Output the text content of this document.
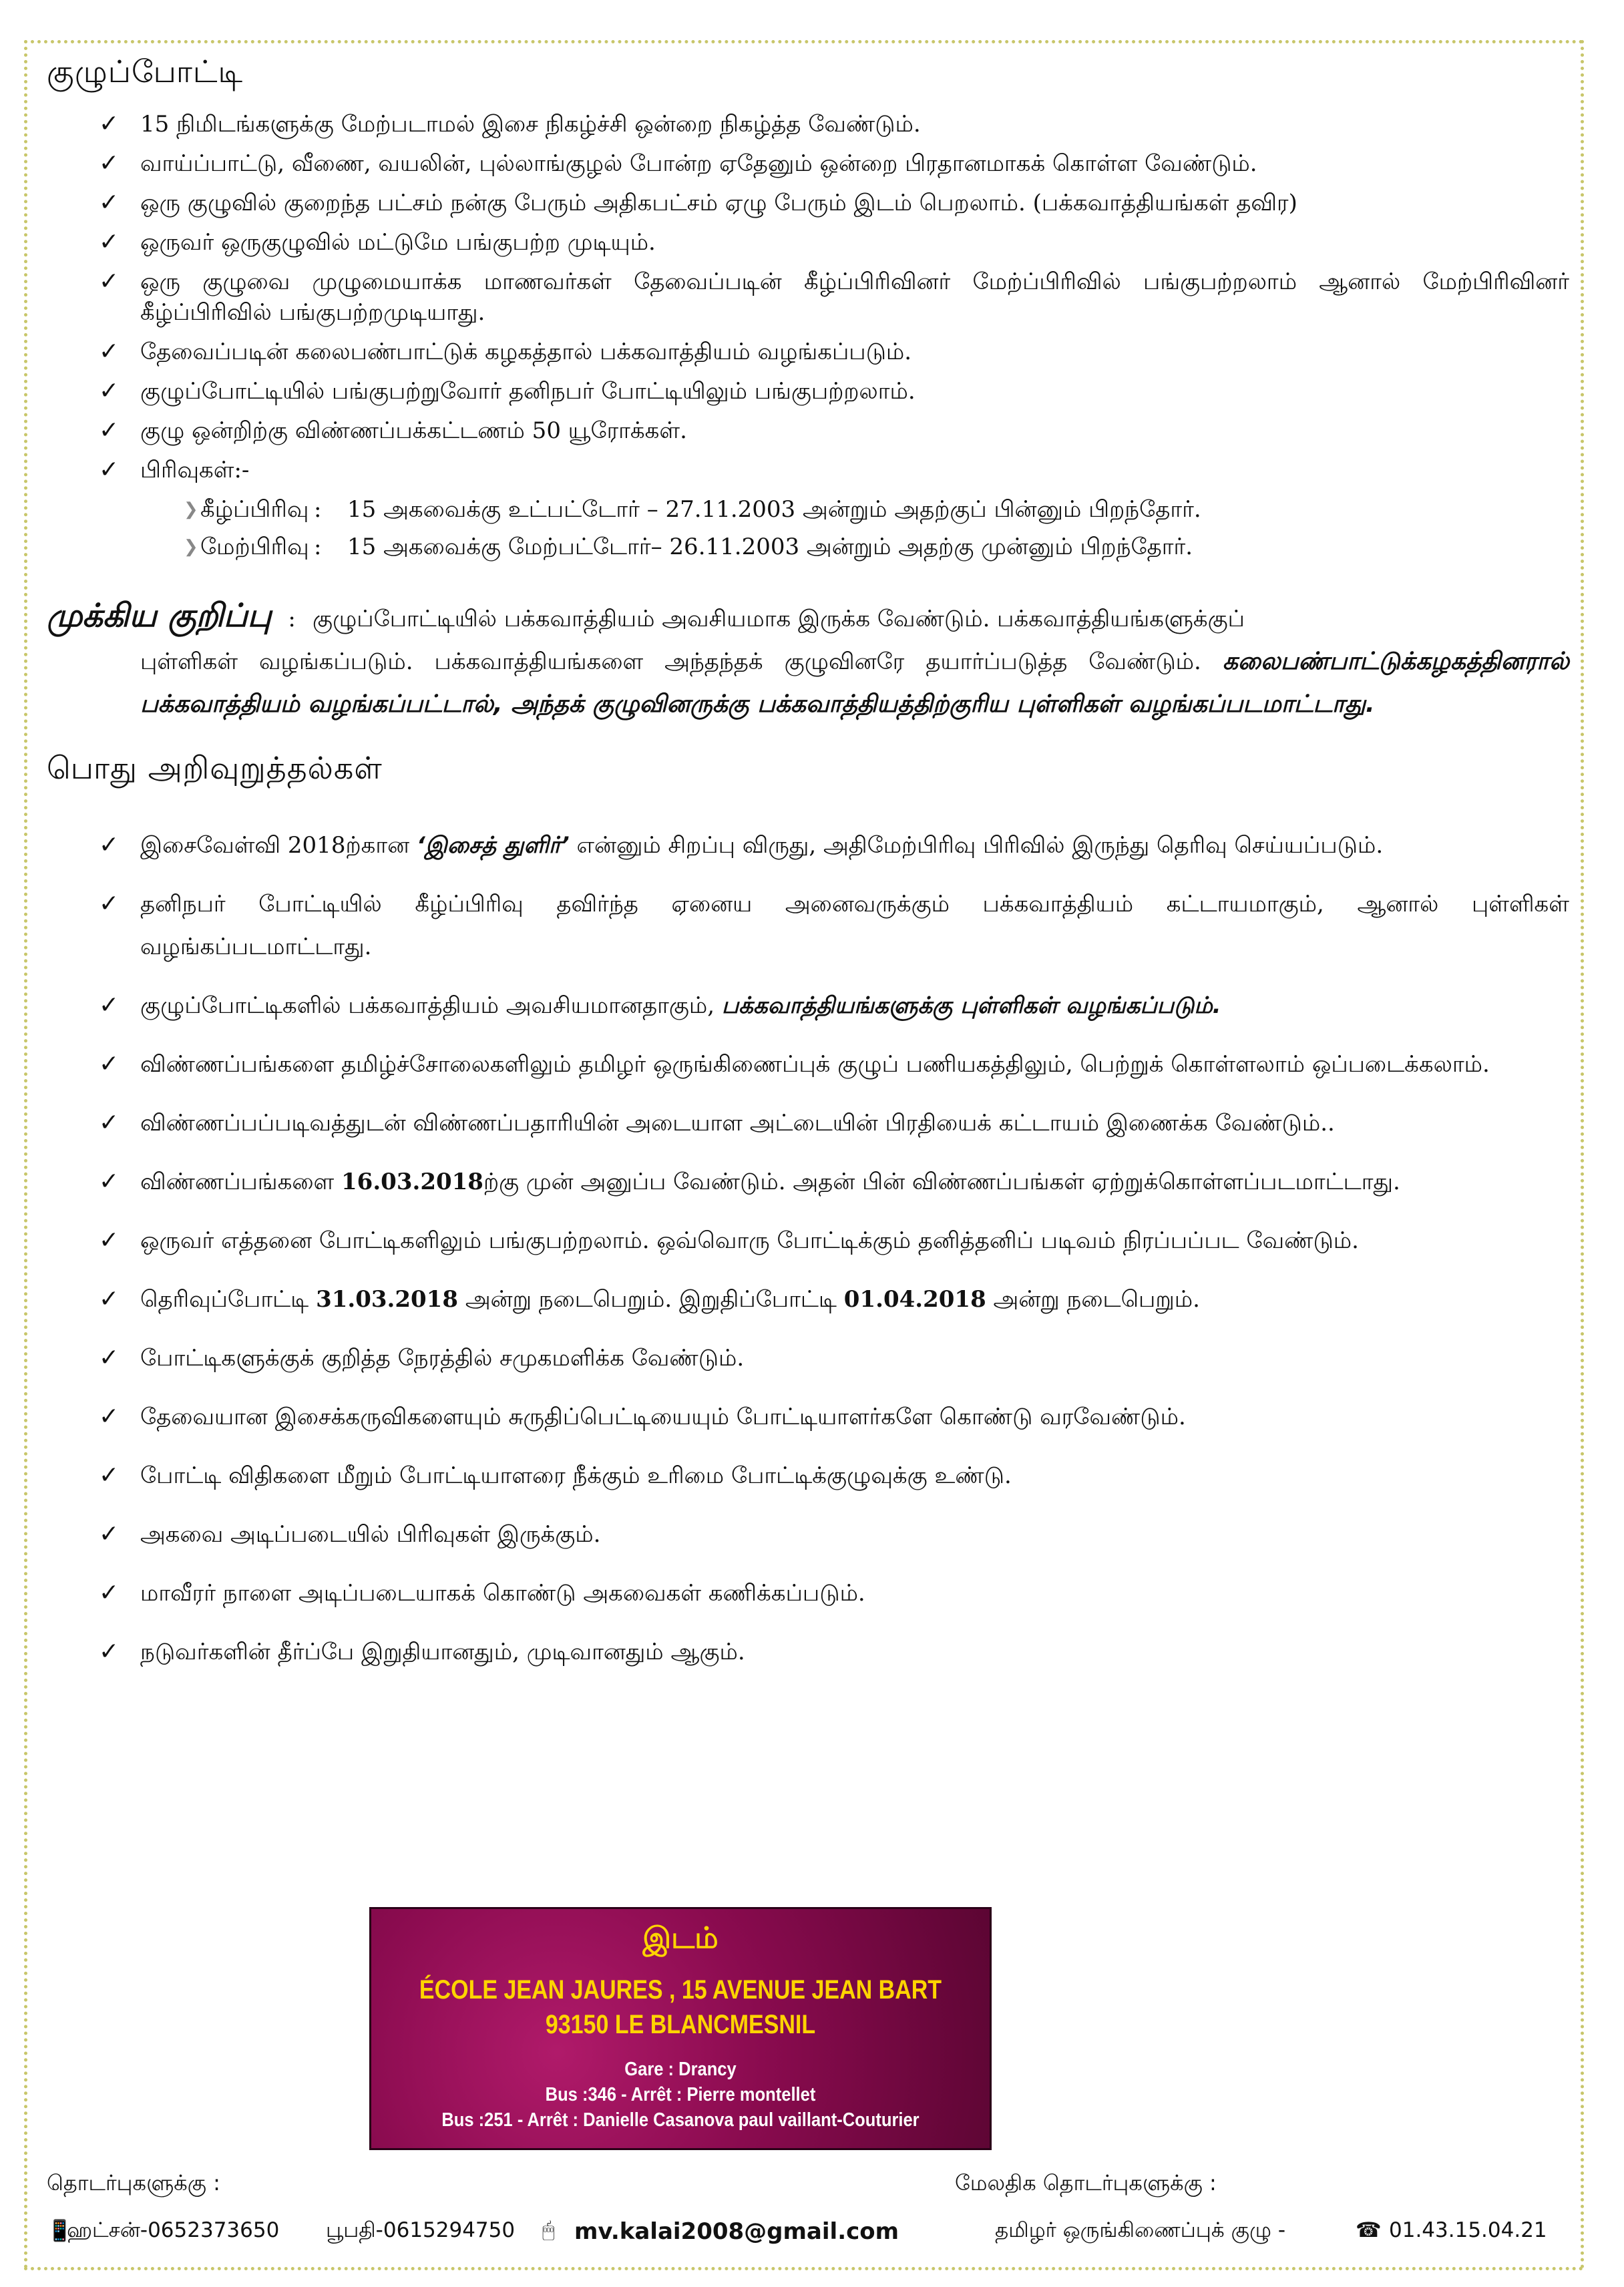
குழுப்போட்டி
✓ 15 நிமிடங்களுக்கு மேற்படாமல் இசை நிகழ்ச்சி ஒன்றை நிகழ்த்த வேண்டும்.
✓ வாய்ப்பாட்டு, வீணை, வயலின், புல்லாங்குழல் போன்ற ஏதேனும் ஒன்றை பிரதானமாகக் கொள்ள வேண்டும்.
✓ ஒரு குழுவில் குறைந்த பட்சம் நன்கு பேரும் அதிகபட்சம் ஏழு பேரும் இடம் பெறலாம். (பக்கவாத்தியங்கள் தவிர)
✓ ஒருவர் ஒருகுழுவில் மட்டுமே பங்குபற்ற முடியும்.
✓ ஒரு குழுவை முழுமையாக்க மாணவர்கள் தேவைப்படின் கீழ்ப்பிரிவினர் மேற்ப்பிரிவில் பங்குபற்றலாம் ஆனால் மேற்பிரிவினர் கீழ்ப்பிரிவில் பங்குபற்றமுடியாது.
✓ தேவைப்படின் கலைபண்பாட்டுக் கழகத்தால் பக்கவாத்தியம் வழங்கப்படும்.
✓ குழுப்போட்டியில் பங்குபற்றுவோர் தனிநபர் போட்டியிலும் பங்குபற்றலாம்.
✓ குழு ஒன்றிற்கு விண்ணப்பக்கட்டணம் 50 யூரோக்கள்.
✓ பிரிவுகள்:-
❯ கீழ்ப்பிரிவு : 15 அகவைக்கு உட்பட்டோர் – 27.11.2003 அன்றும் அதற்குப் பின்னும் பிறந்தோர்.
❯ மேற்பிரிவு : 15 அகவைக்கு மேற்பட்டோர்– 26.11.2003 அன்றும் அதற்கு முன்னும் பிறந்தோர்.
முக்கிய குறிப்பு : குழுப்போட்டியில் பக்கவாத்தியம் அவசியமாக இருக்க வேண்டும். பக்கவாத்தியங்களுக்குப்
புள்ளிகள் வழங்கப்படும். பக்கவாத்தியங்களை அந்தந்தக் குழுவினரே தயார்ப்படுத்த வேண்டும். கலைபண்பாட்டுக்கழகத்தினரால் பக்கவாத்தியம் வழங்கப்பட்டால், அந்தக் குழுவினருக்கு பக்கவாத்தியத்திற்குரிய புள்ளிகள் வழங்கப்படமாட்டாது.
பொது அறிவுறுத்தல்கள்
✓ இசைவேள்வி 2018ற்கான ‘இசைத் துளிர்’ என்னும் சிறப்பு விருது, அதிமேற்பிரிவு பிரிவில் இருந்து தெரிவு செய்யப்படும்.
✓ தனிநபர் போட்டியில் கீழ்ப்பிரிவு தவிர்ந்த ஏனைய அனைவருக்கும் பக்கவாத்தியம் கட்டாயமாகும், ஆனால் புள்ளிகள் வழங்கப்படமாட்டாது.
✓ குழுப்போட்டிகளில் பக்கவாத்தியம் அவசியமானதாகும், பக்கவாத்தியங்களுக்கு புள்ளிகள் வழங்கப்படும்.
✓ விண்ணப்பங்களை தமிழ்ச்சோலைகளிலும் தமிழர் ஒருங்கிணைப்புக் குழுப் பணியகத்திலும், பெற்றுக் கொள்ளலாம் ஒப்படைக்கலாம்.
✓ விண்ணப்பப்படிவத்துடன் விண்ணப்பதாரியின் அடையாள அட்டையின் பிரதியைக் கட்டாயம் இணைக்க வேண்டும்..
✓ விண்ணப்பங்களை 16.03.2018ற்கு முன் அனுப்ப வேண்டும். அதன் பின் விண்ணப்பங்கள் ஏற்றுக்கொள்ளப்படமாட்டாது.
✓ ஒருவர் எத்தனை போட்டிகளிலும் பங்குபற்றலாம். ஒவ்வொரு போட்டிக்கும் தனித்தனிப் படிவம் நிரப்பப்பட வேண்டும்.
✓ தெரிவுப்போட்டி 31.03.2018 அன்று நடைபெறும். இறுதிப்போட்டி 01.04.2018 அன்று நடைபெறும்.
✓ போட்டிகளுக்குக் குறித்த நேரத்தில் சமுகமளிக்க வேண்டும்.
✓ தேவையான இசைக்கருவிகளையும் சுருதிப்பெட்டியையும் போட்டியாளர்களே கொண்டு வரவேண்டும்.
✓ போட்டி விதிகளை மீறும் போட்டியாளரை நீக்கும் உரிமை போட்டிக்குழுவுக்கு உண்டு.
✓ அகவை அடிப்படையில் பிரிவுகள் இருக்கும்.
✓ மாவீரர் நாளை அடிப்படையாகக் கொண்டு அகவைகள் கணிக்கப்படும்.
✓ நடுவர்களின் தீர்ப்பே இறுதியானதும், முடிவானதும் ஆகும்.
இடம்
ÉCOLE JEAN JAURES , 15 AVENUE JEAN BART
93150 LE BLANCMESNIL
Gare : Drancy
Bus :346 - Arrêt : Pierre montellet
Bus :251 - Arrêt : Danielle Casanova paul vaillant-Couturier
தொடர்புகளுக்கு :	மேலதிக தொடர்புகளுக்கு :
📱
ஹட்சன்-0652373650 பூபதி-0615294750 🖱 mv.kalai2008@gmail.com	தமிழர் ஒருங்கிணைப்புக் குழு -	☎ 01.43.15.04.21
